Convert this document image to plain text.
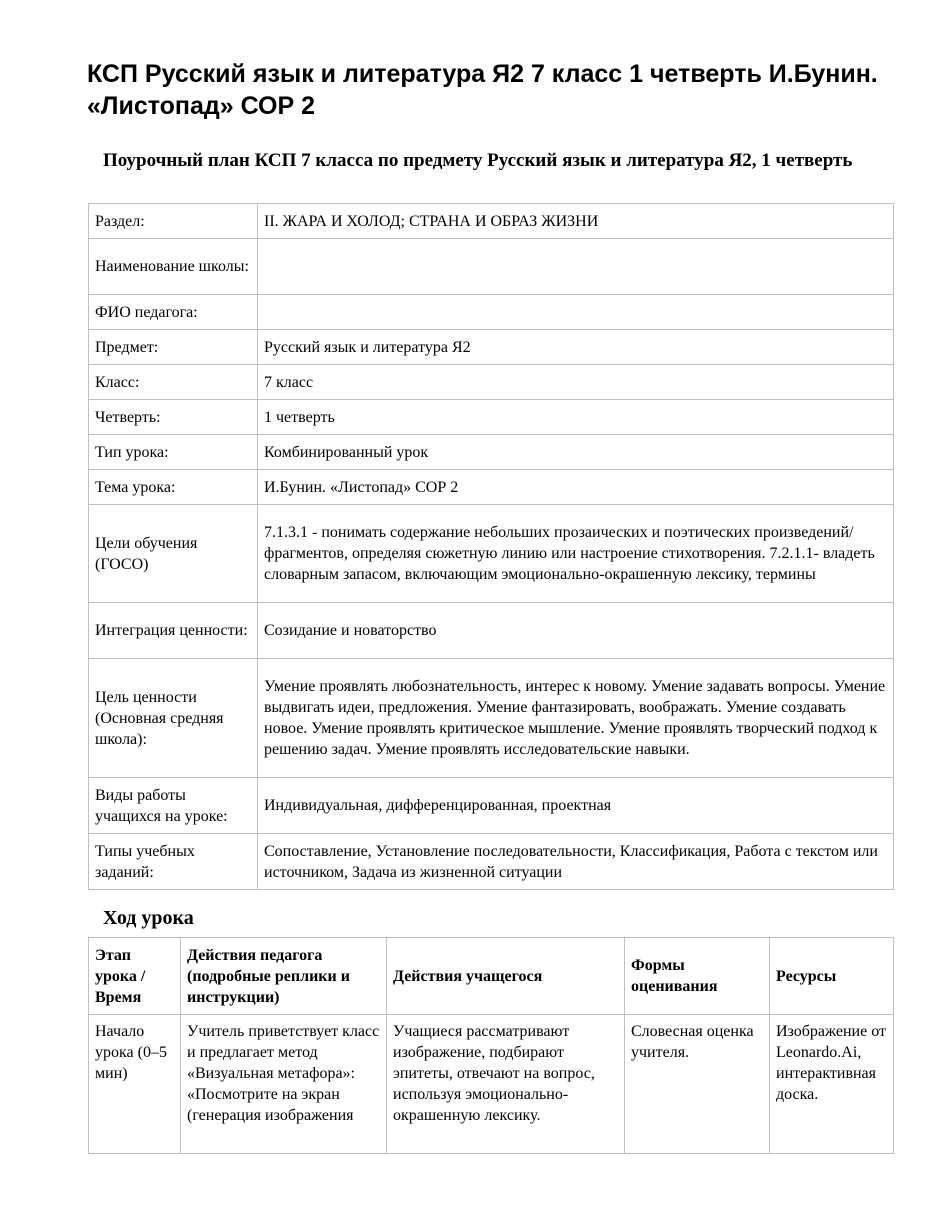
КСП Русский язык и литература Я2 7 класс 1 четверть И.Бунин. «Листопад» СОР 2
Поурочный план КСП 7 класса по предмету Русский язык и литература Я2, 1 четверть
Раздел:	II. ЖАРА И ХОЛОД; СТРАНА И ОБРАЗ ЖИЗНИ
Наименование школы:	
ФИО педагога:	
Предмет:	Русский язык и литература Я2
Класс:	7 класс
Четверть:	1 четверть
Тип урока:	Комбинированный урок
Тема урока:	И.Бунин. «Листопад» СОР 2
Цели обучения (ГОСО)	7.1.3.1 - понимать содержание небольших прозаических и поэтических произведений/ фрагментов, определяя сюжетную линию или настроение стихотворения. 7.2.1.1- владеть словарным запасом, включающим эмоционально-окрашенную лексику, термины
Интеграция ценности:	Созидание и новаторство
Цель ценности (Основная средняя школа):	Умение проявлять любознательность, интерес к новому. Умение задавать вопросы. Умение выдвигать идеи, предложения. Умение фантазировать, воображать. Умение создавать новое. Умение проявлять критическое мышление. Умение проявлять творческий подход к решению задач. Умение проявлять исследовательские навыки.
Виды работы учащихся на уроке:	Индивидуальная, дифференцированная, проектная
Типы учебных заданий:	Сопоставление, Установление последовательности, Классификация, Работа с текстом или источником, Задача из жизненной ситуации
Ход урока
Этап урока / Время	Действия педагога (подробные реплики и инструкции)	Действия учащегося	Формы оценивания	Ресурсы
Начало урока (0–5 мин)	Учитель приветствует класс и предлагает метод «Визуальная метафора»: «Посмотрите на экран (генерация изображения	Учащиеся рассматривают изображение, подбирают эпитеты, отвечают на вопрос, используя эмоционально-окрашенную лексику.	Словесная оценка учителя.	Изображение от Leonardo.Ai, интерактивная доска.
